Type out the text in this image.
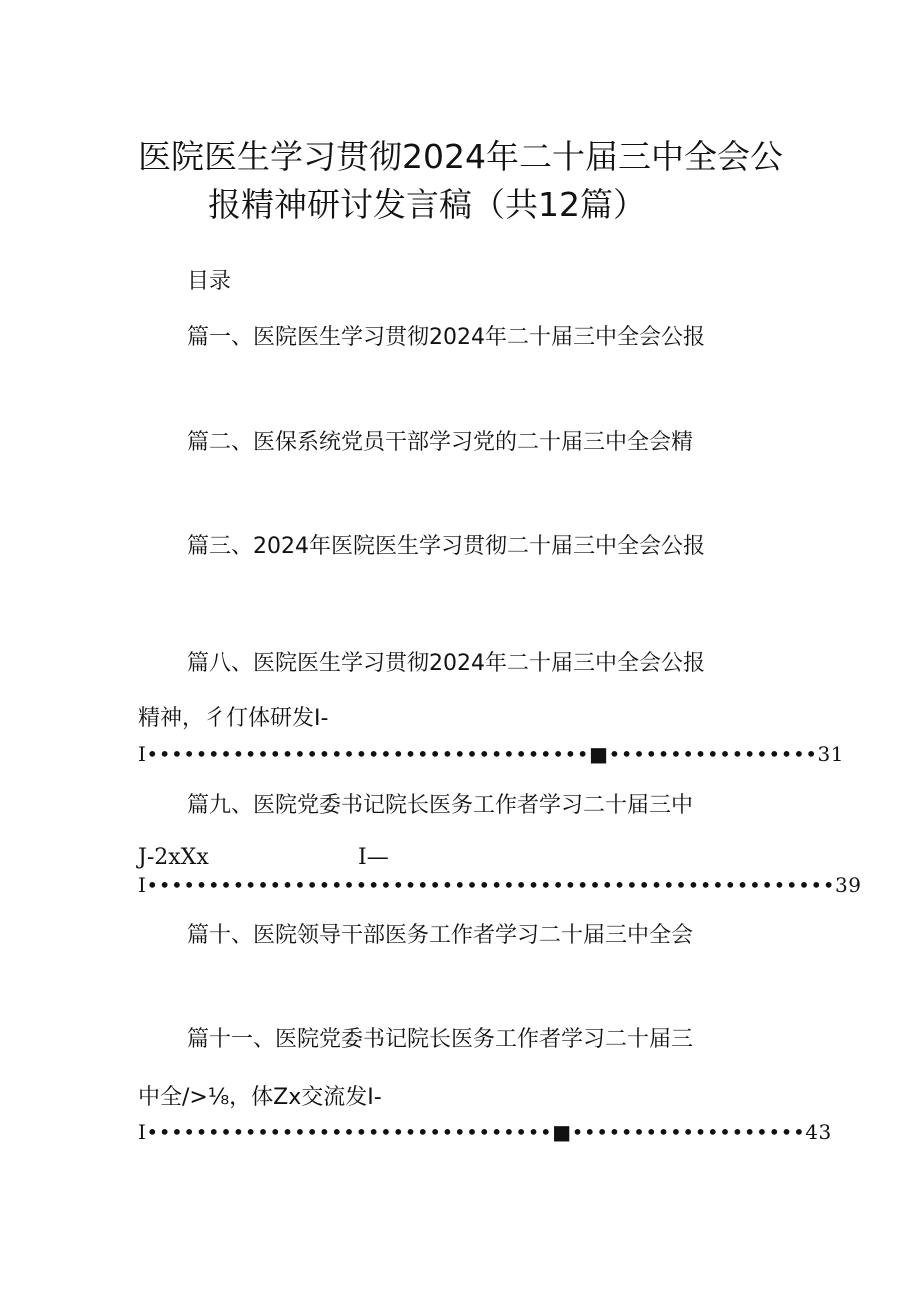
医院医生学习贯彻2024年二十届三中全会公
报精神研讨发言稿（共12篇）
目录
篇一、医院医生学习贯彻2024年二十届三中全会公报
篇二、医保系统党员干部学习党的二十届三中全会精
篇三、2024年医院医生学习贯彻二十届三中全会公报
篇八、医院医生学习贯彻2024年二十届三中全会公报
精神，彳仃体研发I-
I••••••••••••••••••••••••••••••••••••■•••••••••••••••••31
篇九、医院党委书记院长医务工作者学习二十届三中
J-2xXx	I—
I••••••••••••••••••••••••••••••••••••••••••••••••••••••••39
篇十、医院领导干部医务工作者学习二十届三中全会
篇十一、医院党委书记院长医务工作者学习二十届三
中全/>⅛，体Zx交流发I-
I•••••••••••••••••••••••••••••••••■•••••••••••••••••••43
